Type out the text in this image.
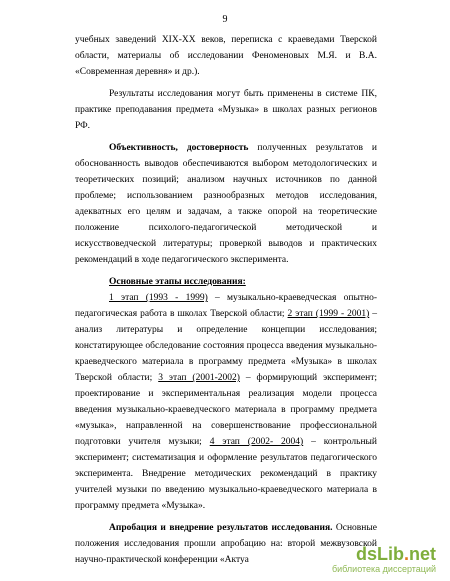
9

учебных заведений XIX-XX веков, переписка с краеведами Тверской области, материалы об исследовании Феноменовых М.Я. и В.А. «Современная деревня» и др.).

Результаты исследования могут быть применены в системе ПК, практике преподавания предмета «Музыка» в школах разных регионов РФ.

Объективность, достоверность полученных результатов и обоснованность выводов обеспечиваются выбором методологических и теоретических позиций; анализом научных источников по данной проблеме; использованием разнообразных методов исследования, адекватных его целям и задачам, а также опорой на теоретические положение психолого-педагогической методической и искусствоведческой литературы; проверкой выводов и практических рекомендаций в ходе педагогического эксперимента.

Основные этапы исследования:

1 этап (1993 - 1999) – музыкально-краеведческая опытно-педагогическая работа в школах Тверской области; 2 этап (1999 - 2001) – анализ литературы и определение концепции исследования; констатирующее обследование состояния процесса введения музыкально-краеведческого материала в программу предмета «Музыка» в школах Тверской области; 3 этап (2001-2002) – формирующий эксперимент; проектирование и экспериментальная реализация модели процесса введения музыкально-краеведческого материала в программу предмета «музыка», направленной на совершенствование профессиональной подготовки учителя музыки; 4 этап (2002- 2004) – контрольный эксперимент; систематизация и оформление результатов педагогического эксперимента. Внедрение методических рекомендаций в практику учителей музыки по введению музыкально-краеведческого материала в программу предмета «Музыка».

Апробация и внедрение результатов исследования. Основные положения исследования прошли апробацию на: второй межвузовской научно-практической конференции «Актуа	dsLib.net
библиотека диссертаций
